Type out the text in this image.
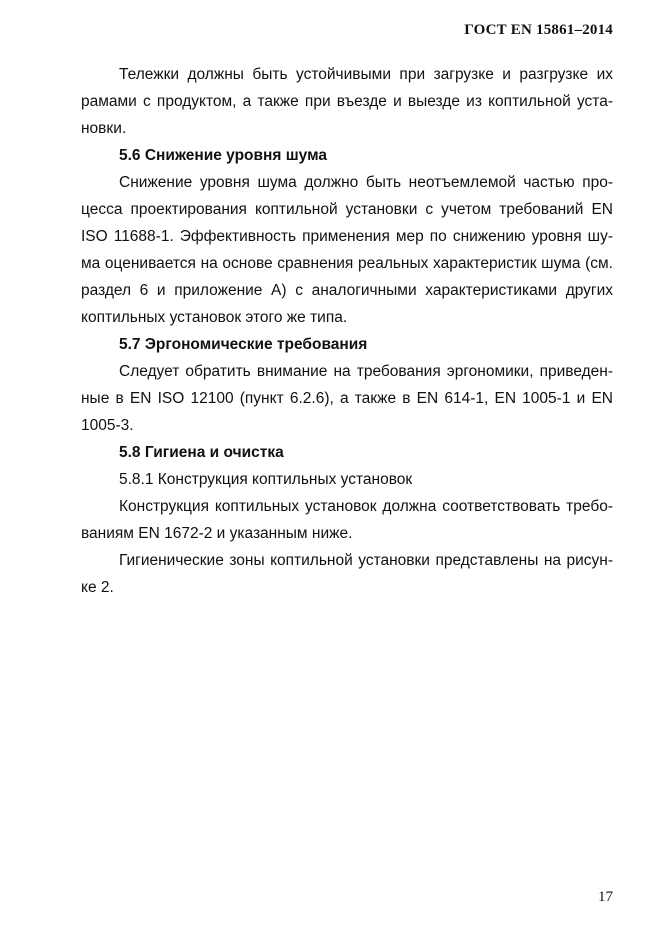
ГОСТ EN 15861–2014

Тележки должны быть устойчивыми при загрузке и разгрузке их

рамами с продуктом, а также при въезде и выезде из коптильной уста-

новки.

5.6 Снижение уровня шума

Снижение уровня шума должно быть неотъемлемой частью про-

цесса проектирования коптильной установки с учетом требований EN

ISO 11688-1. Эффективность применения мер по снижению уровня шу-

ма оценивается на основе сравнения реальных характеристик шума (см.

раздел 6 и приложение А) с аналогичными характеристиками других

коптильных установок этого же типа.

5.7 Эргономические требования

Следует обратить внимание на требования эргономики, приведен-

ные в EN ISO 12100 (пункт 6.2.6), а также в EN 614-1, EN 1005-1 и EN

1005-3.

5.8 Гигиена и очистка

5.8.1 Конструкция коптильных установок

Конструкция коптильных установок должна соответствовать требо-

ваниям EN 1672-2 и указанным ниже.

Гигиенические зоны коптильной установки представлены на рисун-

ке 2.

17
